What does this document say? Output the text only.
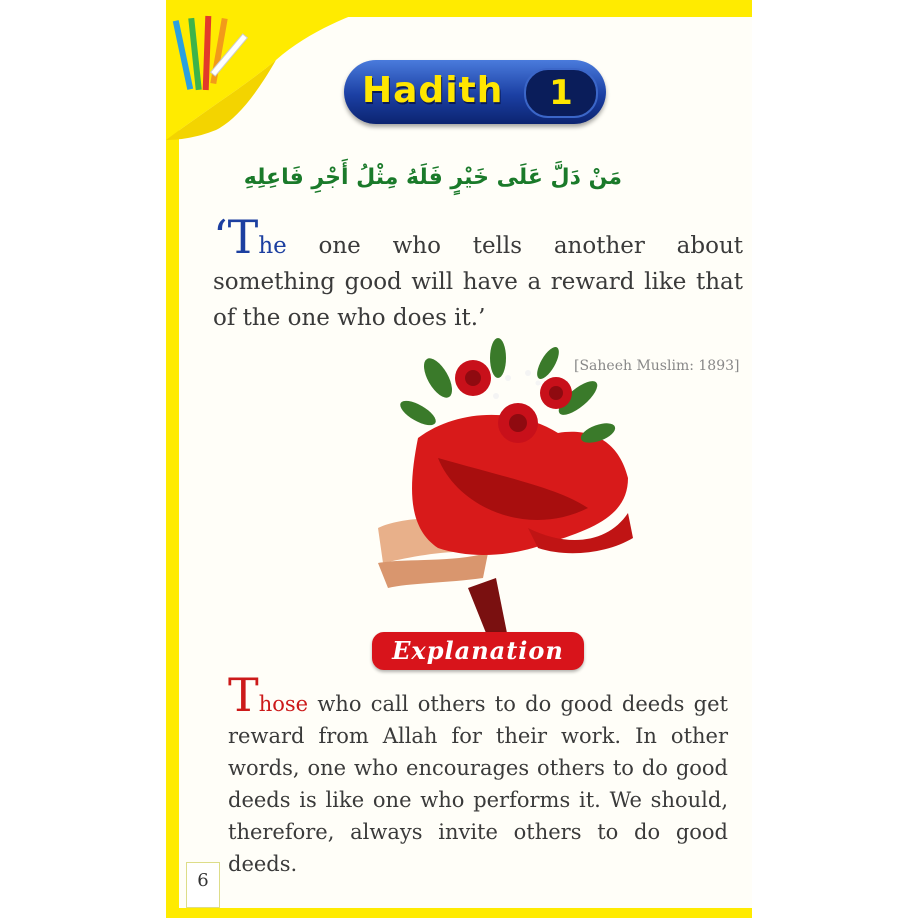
Hadith	1
مَنْ دَلَّ عَلَى خَيْرٍ فَلَهُ مِثْلُ أَجْرِ فَاعِلِهِ
‘The one who tells another about something good will have a reward like that of the one who does it.’
[Saheeh Muslim: 1893]
Explanation
Those who call others to do good deeds get reward from Allah for their work. In other words, one who encourages others to do good deeds is like one who performs it. We should, therefore, always invite others to do good deeds.
6
